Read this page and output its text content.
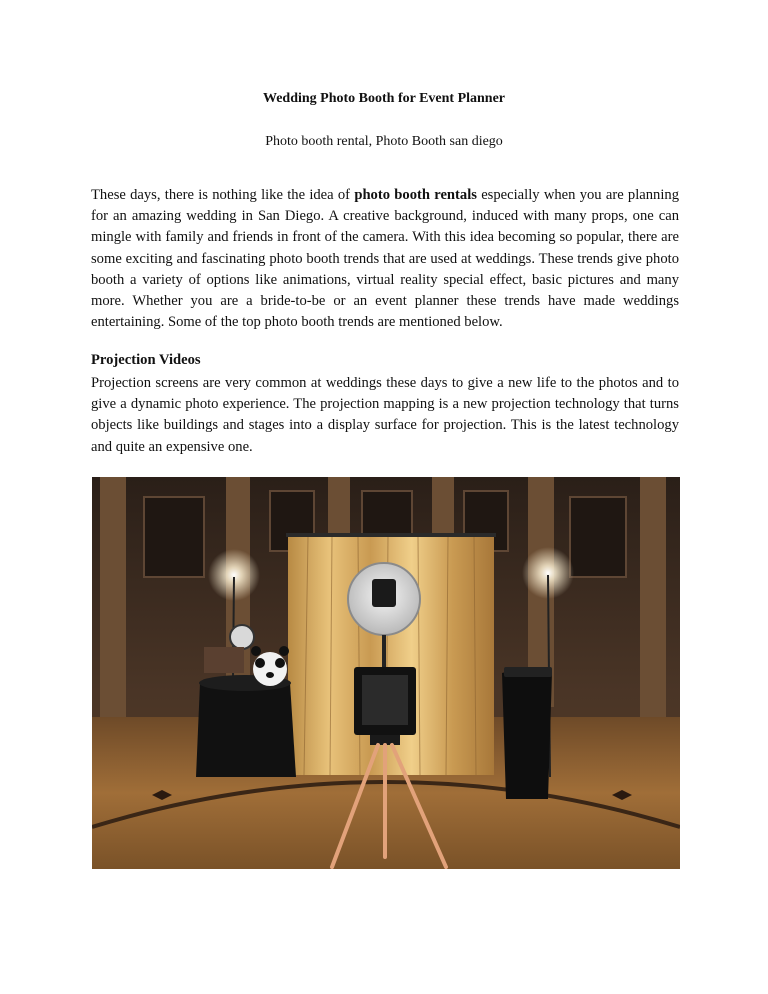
Wedding Photo Booth for Event Planner
Photo booth rental, Photo Booth san diego

These days, there is nothing like the idea of photo booth rentals especially when you are planning for an amazing wedding in San Diego. A creative background, induced with many props, one can mingle with family and friends in front of the camera. With this idea becoming so popular, there are some exciting and fascinating photo booth trends that are used at weddings. These trends give photo booth a variety of options like animations, virtual reality special effect, basic pictures and many more. Whether you are a bride-to-be or an event planner these trends have made weddings entertaining. Some of the top photo booth trends are mentioned below.

Projection Videos

Projection screens are very common at weddings these days to give a new life to the photos and to give a dynamic photo experience. The projection mapping is a new projection technology that turns objects like buildings and stages into a display surface for projection. This is the latest technology and quite an expensive one.
